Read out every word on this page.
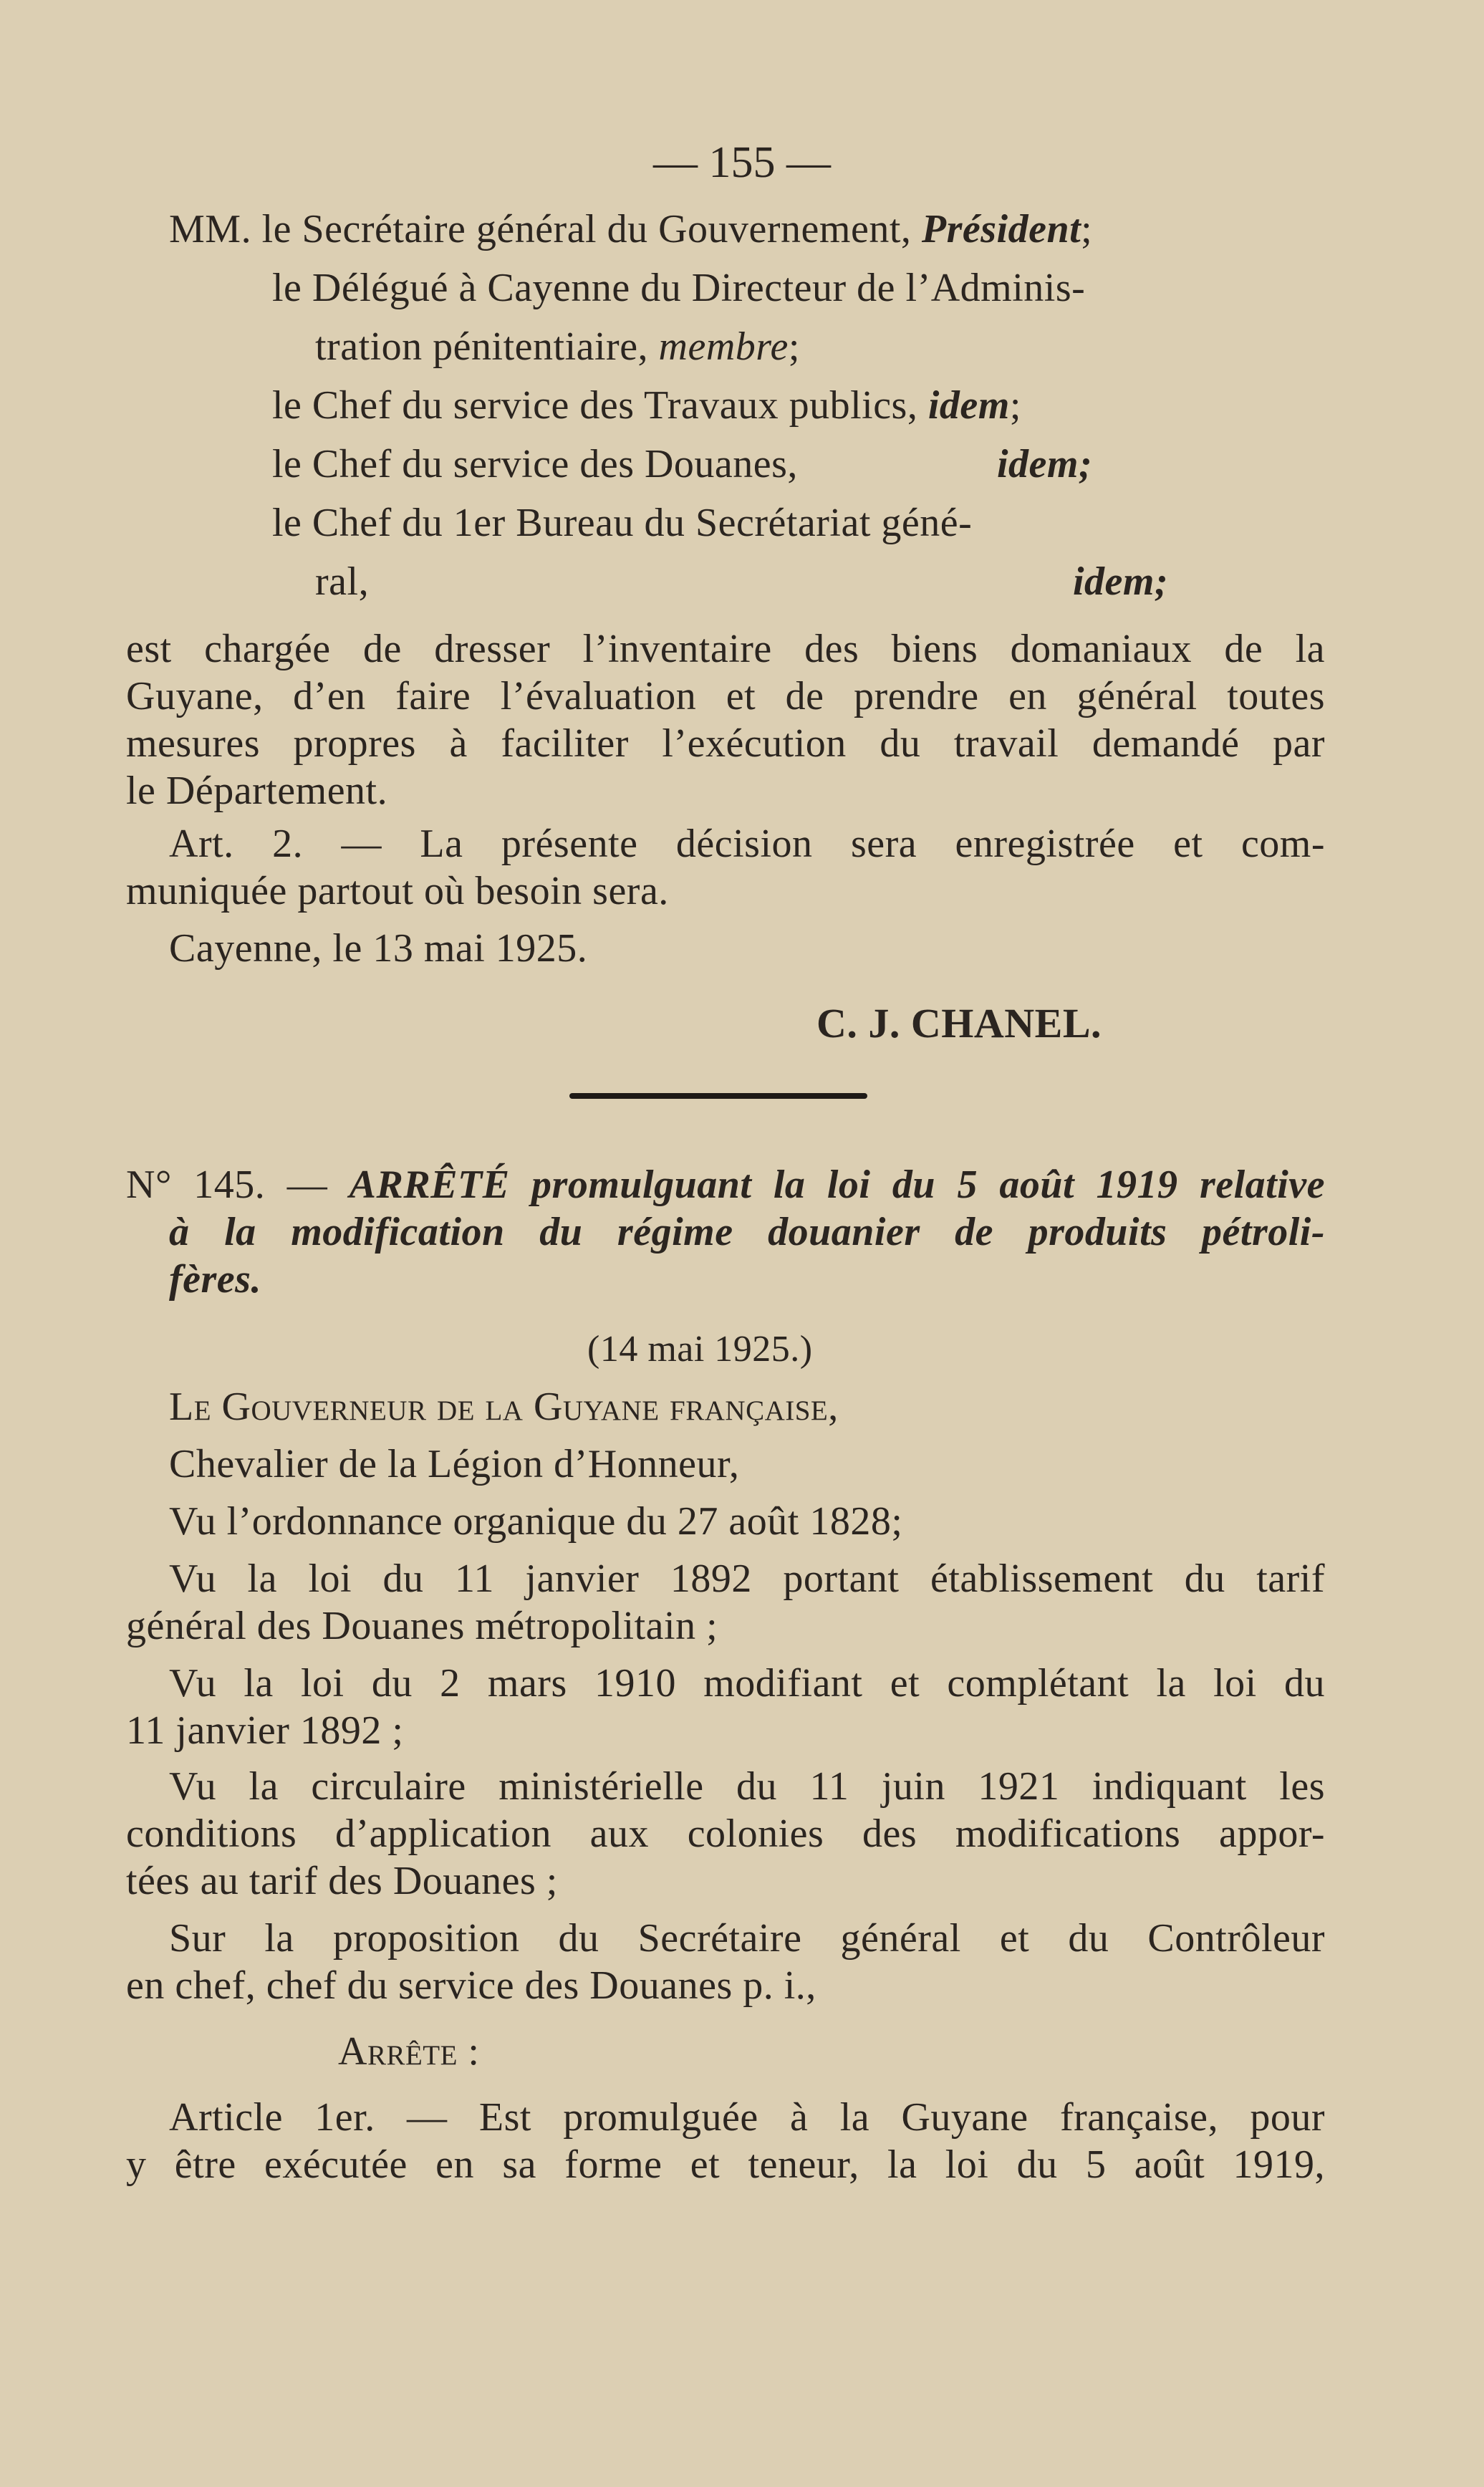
— 155 —
MM. le Secrétaire général du Gouvernement, Président;
le Délégué à Cayenne du Directeur de l’Adminis-
tration pénitentiaire, membre;
le Chef du service des Travaux publics, idem;
le Chef du service des Douanes,	idem;
le Chef du 1er Bureau du Secrétariat géné-
ral,	idem;
est chargée de dresser l’inventaire des biens domaniaux de la
Guyane, d’en faire l’évaluation et de prendre en général toutes
mesures propres à faciliter l’exécution du travail demandé par
le Département.
Art. 2. — La présente décision sera enregistrée et com-
muniquée partout où besoin sera.
Cayenne, le 13 mai 1925.
C. J. CHANEL.
N° 145. — ARRÊTÉ promulguant la loi du 5 août 1919 relative
à la modification du régime douanier de produits pétroli-
fères.
(14 mai 1925.)
Le Gouverneur de la Guyane française,
Chevalier de la Légion d’Honneur,
Vu l’ordonnance organique du 27 août 1828;
Vu la loi du 11 janvier 1892 portant établissement du tarif
général des Douanes métropolitain ;
Vu la loi du 2 mars 1910 modifiant et complétant la loi du
11 janvier 1892 ;
Vu la circulaire ministérielle du 11 juin 1921 indiquant les
conditions d’application aux colonies des modifications appor-
tées au tarif des Douanes ;
Sur la proposition du Secrétaire général et du Contrôleur
en chef, chef du service des Douanes p. i.,
Arrête :
Article 1er. — Est promulguée à la Guyane française, pour
y être exécutée en sa forme et teneur, la loi du 5 août 1919,
